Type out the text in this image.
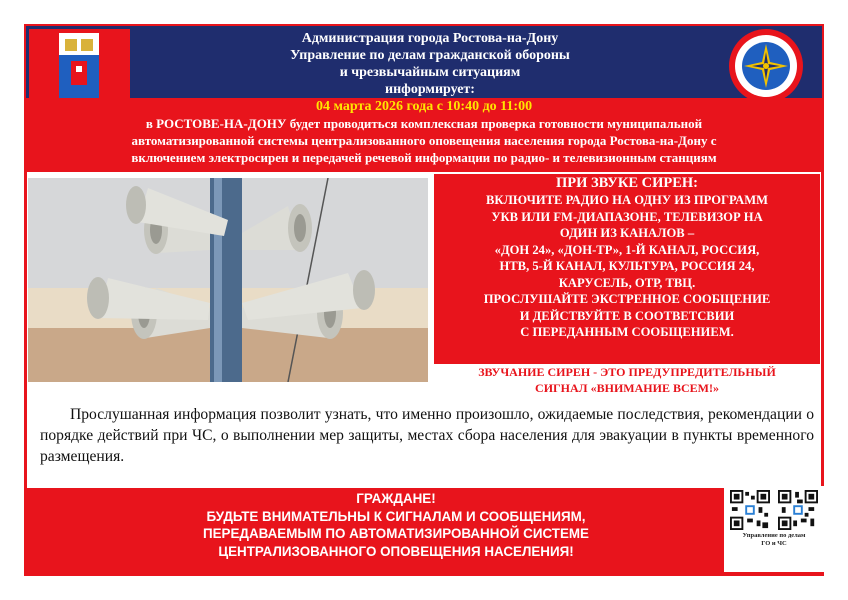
Администрация города Ростова-на-Дону
Управление по делам гражданской обороны
и чрезвычайным ситуациям
информирует:
04 марта 2026 года с 10:40 до 11:00
в РОСТОВЕ-НА-ДОНУ будет проводиться комплексная проверка готовности муниципальной
автоматизированной системы централизованного оповещения населения города Ростова-на-Дону с
включением электросирен и передачей речевой информации по радио- и телевизионным станциям
ПРИ ЗВУКЕ СИРЕН:
ВКЛЮЧИТЕ РАДИО НА ОДНУ ИЗ ПРОГРАММ
УКВ ИЛИ FM-ДИАПАЗОНЕ, ТЕЛЕВИЗОР НА
ОДИН ИЗ КАНАЛОВ –
«ДОН 24», «ДОН-ТР», 1-Й КАНАЛ, РОССИЯ,
НТВ, 5-Й КАНАЛ, КУЛЬТУРА, РОССИЯ 24,
КАРУСЕЛЬ, ОТР, ТВЦ.
ПРОСЛУШАЙТЕ ЭКСТРЕННОЕ СООБЩЕНИЕ
И ДЕЙСТВУЙТЕ В СООТВЕТСВИИ
С ПЕРЕДАННЫМ СООБЩЕНИЕМ.
ЗВУЧАНИЕ СИРЕН - ЭТО ПРЕДУПРЕДИТЕЛЬНЫЙ
СИГНАЛ «ВНИМАНИЕ ВСЕМ!»
Прослушанная информация позволит узнать, что именно произошло, ожидаемые последствия, рекомендации о порядке действий при ЧС, о выполнении мер защиты, местах сбора населения для эвакуации в пункты временного размещения.
ГРАЖДАНЕ!
БУДЬТЕ ВНИМАТЕЛЬНЫ К СИГНАЛАМ И СООБЩЕНИЯМ,
ПЕРЕДАВАЕМЫМ ПО АВТОМАТИЗИРОВАННОЙ СИСТЕМЕ
ЦЕНТРАЛИЗОВАННОГО ОПОВЕЩЕНИЯ НАСЕЛЕНИЯ!
Управление по делам
ГО и ЧС
